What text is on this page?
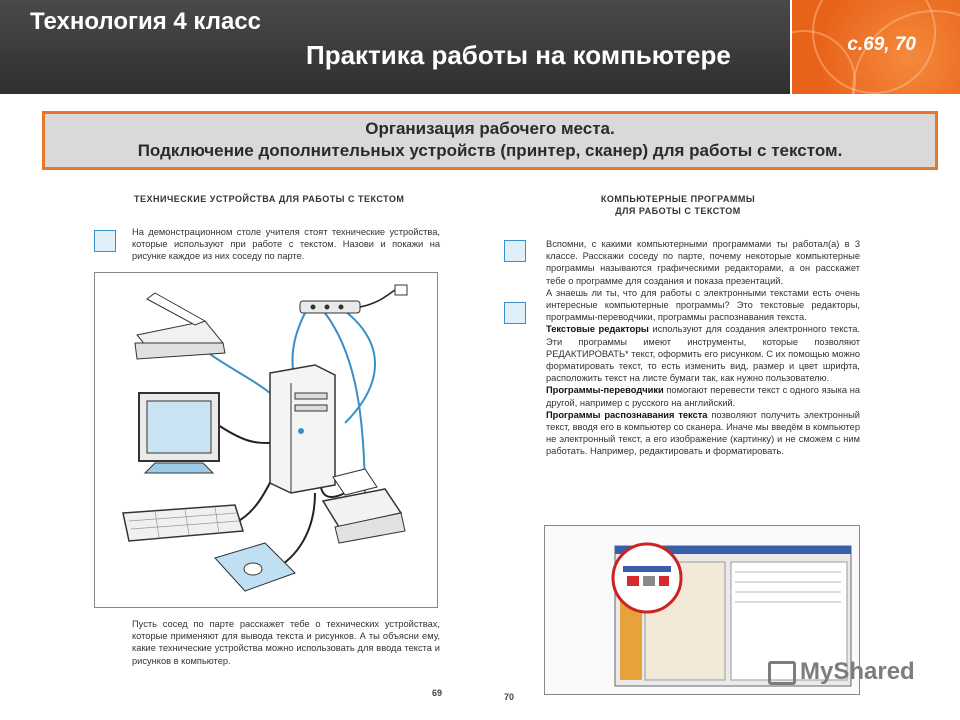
Технология 4 класс
Практика работы на компьютере	с.69, 70
Организация рабочего места.
Подключение дополнительных устройств (принтер, сканер) для работы с текстом.
ТЕХНИЧЕСКИЕ УСТРОЙСТВА ДЛЯ РАБОТЫ С ТЕКСТОМ
На демонстрационном столе учителя стоят технические устройства, которые используют при работе с текстом. Назови и покажи на рисунке каждое из них соседу по парте.
Пусть сосед по парте расскажет тебе о технических устройствах, которые применяют для вывода текста и рисунков. А ты объясни ему, какие технические устройства можно использовать для ввода текста и рисунков в компьютер.
69
КОМПЬЮТЕРНЫЕ ПРОГРАММЫ
ДЛЯ РАБОТЫ С ТЕКСТОМ
Вспомни, с какими компьютерными программами ты работал(а) в 3 классе. Расскажи соседу по парте, почему некоторые компьютерные программы называются графическими редакторами, а он расскажет тебе о программе для создания и показа презентаций.
А знаешь ли ты, что для работы с электронными текстами есть очень интересные компьютерные программы? Это текстовые редакторы, программы-переводчики, программы распознавания текста.
Текстовые редакторы используют для создания электронного текста. Эти программы имеют инструменты, которые позволяют РЕДАКТИРОВАТЬ* текст, оформить его рисунком. С их помощью можно форматировать текст, то есть изменить вид, размер и цвет шрифта, расположить текст на листе бумаги так, как нужно пользователю.
Программы-переводчики помогают перевести текст с одного языка на другой, например с русского на английский.
Программы распознавания текста позволяют получить электронный текст, вводя его в компьютер со сканера. Иначе мы введём в компьютер не электронный текст, а его изображение (картинку) и не сможем с ним работать. Например, редактировать и форматировать.
70
MyShared
